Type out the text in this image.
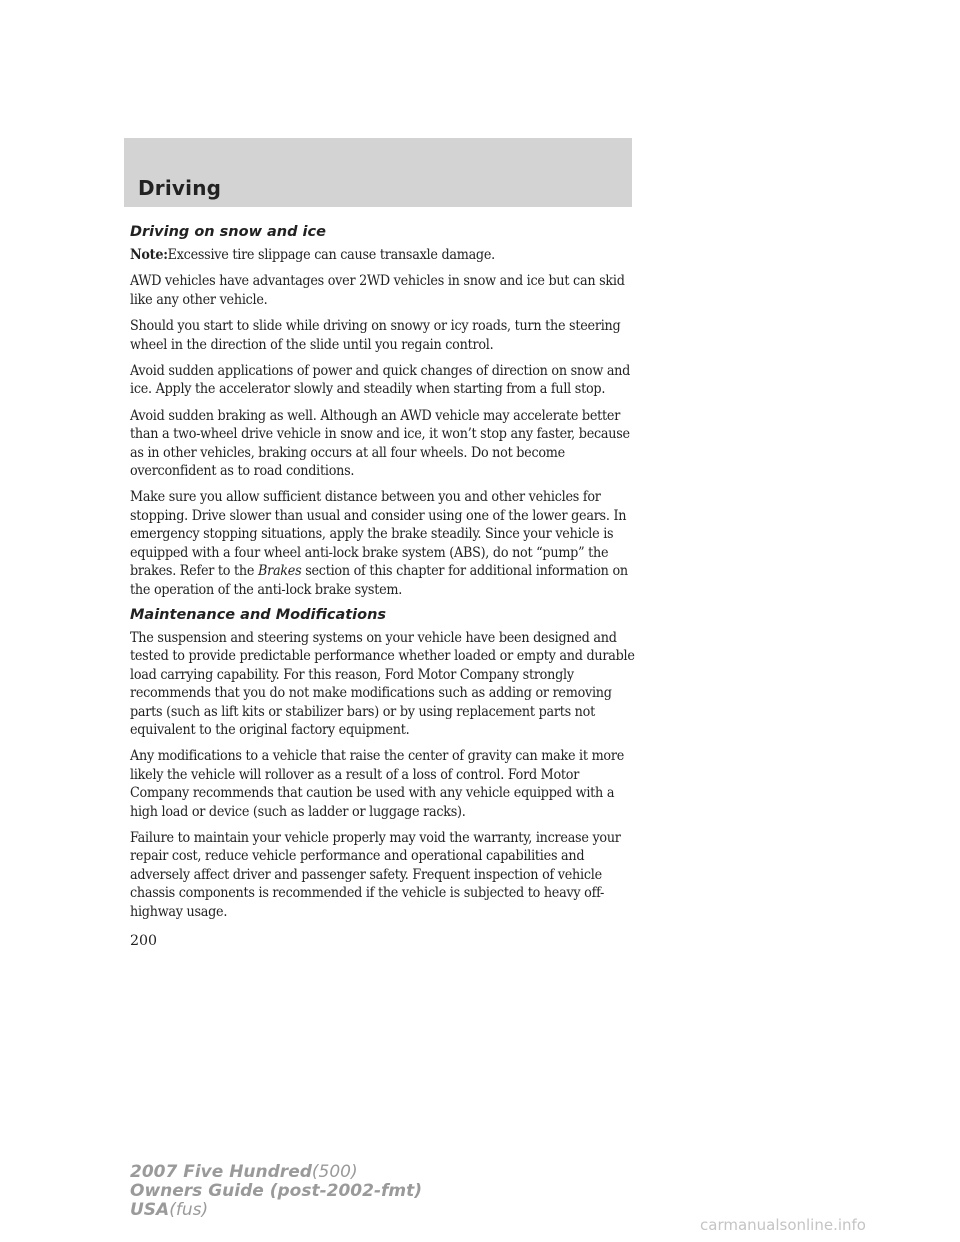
Driving
Driving on snow and ice

Note:Excessive tire slippage can cause transaxle damage.

AWD vehicles have advantages over 2WD vehicles in snow and ice but can skid like any other vehicle.

Should you start to slide while driving on snowy or icy roads, turn the steering wheel in the direction of the slide until you regain control.

Avoid sudden applications of power and quick changes of direction on snow and ice. Apply the accelerator slowly and steadily when starting from a full stop.

Avoid sudden braking as well. Although an AWD vehicle may accelerate better than a two-wheel drive vehicle in snow and ice, it won’t stop any faster, because as in other vehicles, braking occurs at all four wheels. Do not become overconfident as to road conditions.

Make sure you allow sufficient distance between you and other vehicles for stopping. Drive slower than usual and consider using one of the lower gears. In emergency stopping situations, apply the brake steadily. Since your vehicle is equipped with a four wheel anti-lock brake system (ABS), do not “pump” the brakes. Refer to the Brakes section of this chapter for additional information on the operation of the anti-lock brake system.

Maintenance and Modifications

The suspension and steering systems on your vehicle have been designed and tested to provide predictable performance whether loaded or empty and durable load carrying capability. For this reason, Ford Motor Company strongly recommends that you do not make modifications such as adding or removing parts (such as lift kits or stabilizer bars) or by using replacement parts not equivalent to the original factory equipment.

Any modifications to a vehicle that raise the center of gravity can make it more likely the vehicle will rollover as a result of a loss of control. Ford Motor Company recommends that caution be used with any vehicle equipped with a high load or device (such as ladder or luggage racks).

Failure to maintain your vehicle properly may void the warranty, increase your repair cost, reduce vehicle performance and operational capabilities and adversely affect driver and passenger safety. Frequent inspection of vehicle chassis components is recommended if the vehicle is subjected to heavy off-highway usage.

200
2007 Five Hundred(500)
Owners Guide (post-2002-fmt)
USA(fus)
carmanualsonline.info
